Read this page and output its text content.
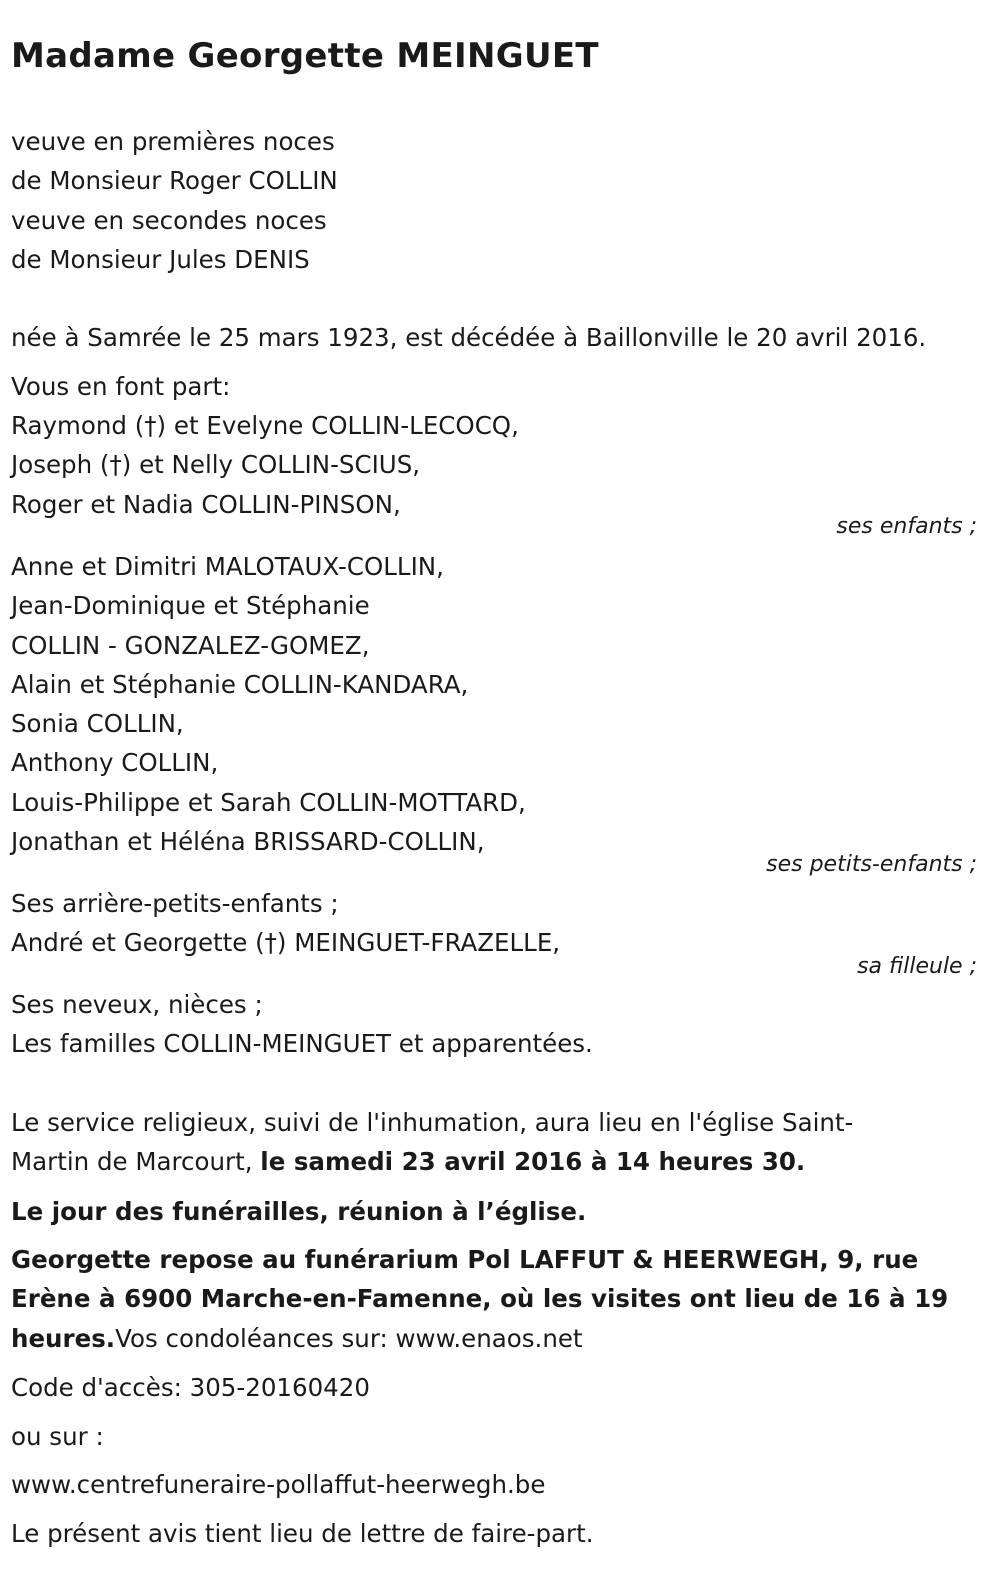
Madame Georgette MEINGUET
veuve en premières noces
de Monsieur Roger COLLIN
veuve en secondes noces
de Monsieur Jules DENIS
née à Samrée le 25 mars 1923, est décédée à Baillonville le 20 avril 2016.
Vous en font part:
Raymond (†) et Evelyne COLLIN-LECOCQ,
Joseph (†) et Nelly COLLIN-SCIUS,
Roger et Nadia COLLIN-PINSON,
ses enfants ;
Anne et Dimitri MALOTAUX-COLLIN,
Jean-Dominique et Stéphanie
COLLIN - GONZALEZ-GOMEZ,
Alain et Stéphanie COLLIN-KANDARA,
Sonia COLLIN,
Anthony COLLIN,
Louis-Philippe et Sarah COLLIN-MOTTARD,
Jonathan et Héléna BRISSARD-COLLIN,
ses petits-enfants ;
Ses arrière-petits-enfants ;
André et Georgette (†) MEINGUET-FRAZELLE,
sa filleule ;
Ses neveux, nièces ;
Les familles COLLIN-MEINGUET et apparentées.
Le service religieux, suivi de l'inhumation, aura lieu en l'église Saint-
Martin de Marcourt, le samedi 23 avril 2016 à 14 heures 30.
Le jour des funérailles, réunion à l’église.
Georgette repose au funérarium Pol LAFFUT & HEERWEGH, 9, rue
Erène à 6900 Marche-en-Famenne, où les visites ont lieu de 16 à 19
heures.Vos condoléances sur: www.enaos.net
Code d'accès: 305-20160420
ou sur :
www.centrefuneraire-pollaffut-heerwegh.be
Le présent avis tient lieu de lettre de faire-part.
